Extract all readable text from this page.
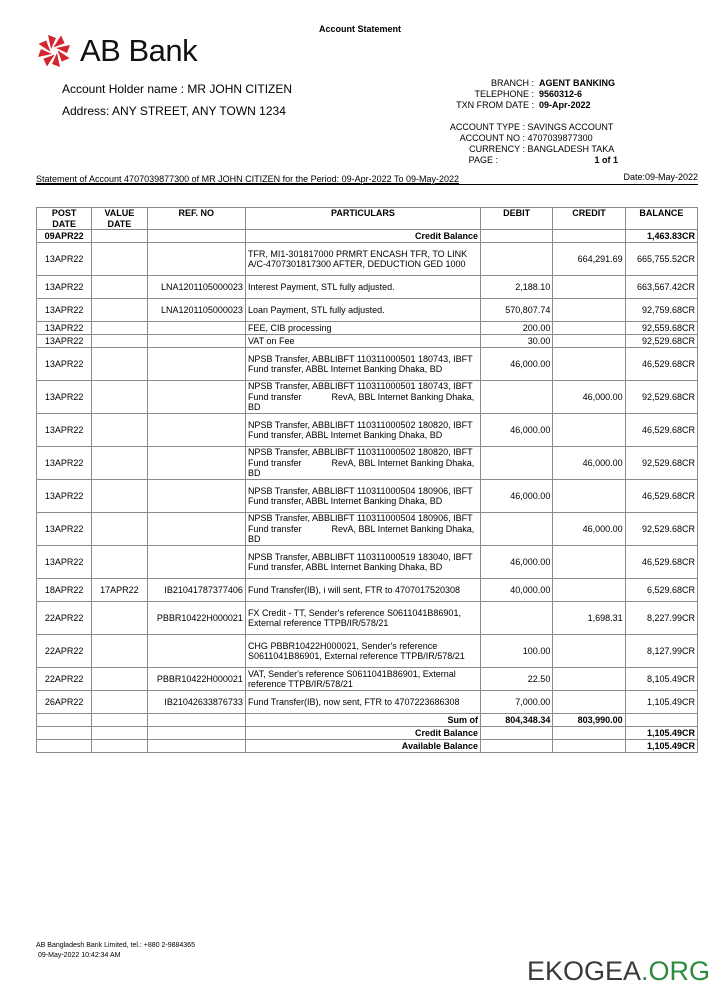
Account Statement
AB Bank
Account Holder name : MR JOHN CITIZEN
Address: ANY STREET, ANY TOWN 1234
BRANCH : AGENT BANKING
TELEPHONE : 9560312-6
TXN FROM DATE : 09-Apr-2022
ACCOUNT TYPE : SAVINGS ACCOUNT
ACCOUNT NO : 4707039877300
CURRENCY : BANGLADESH TAKA
PAGE :	1 of 1
Statement of Account 4707039877300 of MR JOHN CITIZEN for the Period: 09-Apr-2022 To 09-May-2022	Date:09-May-2022
POST DATE	VALUE DATE	REF. NO	PARTICULARS	DEBIT	CREDIT	BALANCE
09APR22			Credit Balance			1,463.83CR
13APR22			TFR, MI1-301817000 PRMRT ENCASH TFR, TO LINK A/C-4707301817300 AFTER, DEDUCTION GED 1000		664,291.69	665,755.52CR
13APR22		LNA1201105000023	Interest Payment, STL fully adjusted.	2,188.10		663,567.42CR
13APR22		LNA1201105000023	Loan Payment, STL fully adjusted.	570,807.74		92,759.68CR
13APR22			FEE, CIB processing	200.00		92,559.68CR
13APR22			VAT on Fee	30.00		92,529.68CR
13APR22			NPSB Transfer, ABBLIBFT 110311000501 180743, IBFT Fund transfer, ABBL Internet Banking Dhaka, BD	46,000.00		46,529.68CR
13APR22			NPSB Transfer, ABBLIBFT 110311000501 180743, IBFT Fund transfer            RevA, BBL Internet Banking Dhaka, BD		46,000.00	92,529.68CR
13APR22			NPSB Transfer, ABBLIBFT 110311000502 180820, IBFT Fund transfer, ABBL Internet Banking Dhaka, BD	46,000.00		46,529.68CR
13APR22			NPSB Transfer, ABBLIBFT 110311000502 180820, IBFT Fund transfer            RevA, BBL Internet Banking Dhaka, BD		46,000.00	92,529.68CR
13APR22			NPSB Transfer, ABBLIBFT 110311000504 180906, IBFT Fund transfer, ABBL Internet Banking Dhaka, BD	46,000.00		46,529.68CR
13APR22			NPSB Transfer, ABBLIBFT 110311000504 180906, IBFT Fund transfer            RevA, BBL Internet Banking Dhaka, BD		46,000.00	92,529.68CR
13APR22			NPSB Transfer, ABBLIBFT 110311000519 183040, IBFT Fund transfer, ABBL Internet Banking Dhaka, BD	46,000.00		46,529.68CR
18APR22	17APR22	IB21041787377406	Fund Transfer(IB), i will sent, FTR to 4707017520308	40,000.00		6,529.68CR
22APR22		PBBR10422H000021	FX Credit - TT, Sender's reference S0611041B86901, External reference TTPB/IR/578/21		1,698.31	8,227.99CR
22APR22			CHG PBBR10422H000021, Sender's reference S0611041B86901, External reference TTPB/IR/578/21	100.00		8,127.99CR
22APR22		PBBR10422H000021	VAT, Sender's reference S0611041B86901, External reference TTPB/IR/578/21	22.50		8,105.49CR
26APR22		IB21042633876733	Fund Transfer(IB), now sent, FTR to 4707223686308	7,000.00		1,105.49CR
			Sum of	804,348.34	803,990.00	
			Credit Balance			1,105.49CR
			Available Balance			1,105.49CR
AB Bangladesh Bank Limited, tel.: +880 2-9884365
09-May-2022 10:42:34 AM
EKOGEA.ORG
